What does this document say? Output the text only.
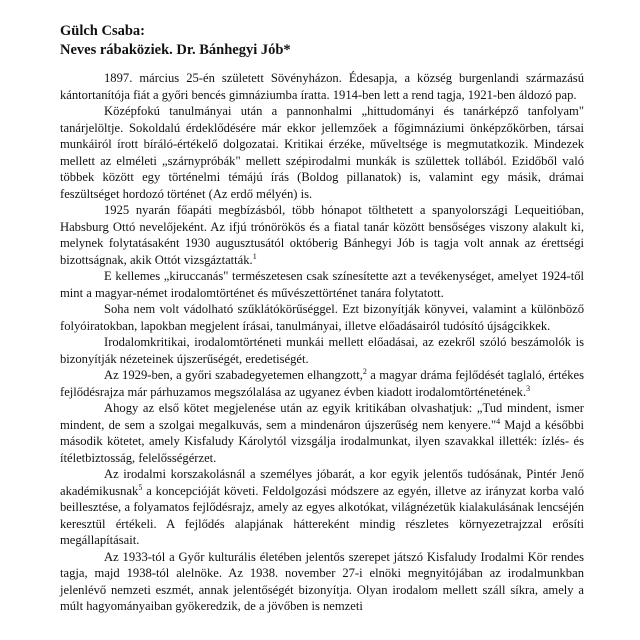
Gülch Csaba:
Neves rábaköziek. Dr. Bánhegyi Jób*

1897. március 25-én született Sövényházon. Édesapja, a község burgenlandi származású kántortanítója fiát a győri bencés gimnáziumba íratta. 1914-ben lett a rend tagja, 1921-ben áldozó pap.

Középfokú tanulmányai után a pannonhalmi „hittudományi és tanárképző tanfolyam" tanárjelöltje. Sokoldalú érdeklődésére már ekkor jellemzőek a főgimnáziumi önképzőkörben, társai munkáiról írott bíráló-értékelő dolgozatai. Kritikai érzéke, műveltsége is megmutatkozik. Mindezek mellett az elméleti „szárnypróbák" mellett szépirodalmi munkák is születtek tollából. Ezidőből való többek között egy történelmi témájú írás (Boldog pillanatok) is, valamint egy másik, drámai feszültséget hordozó történet (Az erdő mélyén) is.

1925 nyarán főapáti megbízásból, több hónapot tölthetett a spanyolországi Lequeitióban, Habsburg Ottó nevelőjeként. Az ifjú trónörökös és a fiatal tanár között bensőséges viszony alakult ki, melynek folytatásaként 1930 augusztusától októberig Bánhegyi Jób is tagja volt annak az érettségi bizottságnak, akik Ottót vizsgáztatták.$^1$

E kellemes „kiruccanás" természetesen csak színesítette azt a tevékenységet, amelyet 1924-től mint a magyar-német irodalomtörténet és művészettörténet tanára folytatott.

Soha nem volt vádolható szűklátókörűséggel. Ezt bizonyítják könyvei, valamint a különböző folyóiratokban, lapokban megjelent írásai, tanulmányai, illetve előadásairól tudósító újságcikkek.

Irodalomkritikai, irodalomtörténeti munkái mellett előadásai, az ezekről szóló beszámolók is bizonyítják nézeteinek újszerűségét, eredetiségét.

Az 1929-ben, a győri szabadegyetemen elhangzott,$^2$ a magyar dráma fejlődését taglaló, értékes fejlődésrajza már párhuzamos megszólalása az ugyanez évben kiadott irodalomtörténetének.$^3$

Ahogy az első kötet megjelenése után az egyik kritikában olvashatjuk: „Tud mindent, ismer mindent, de sem a szolgai megalkuvás, sem a mindenáron újszerűség nem kenyere."$^4$ Majd a későbbi második kötetet, amely Kisfaludy Károlytól vizsgálja irodalmunkat, ilyen szavakkal illették: ízlés- és ítéletbiztosság, felelősségérzet.

Az irodalmi korszakolásnál a személyes jóbarát, a kor egyik jelentős tudósának, Pintér Jenő akadémikusnak$^5$ a koncepcióját követi. Feldolgozási módszere az egyén, illetve az irányzat korba való beillesztése, a folyamatos fejlődésrajz, amely az egyes alkotókat, világnézetük kialakulásának lencséjén keresztül értékeli. A fejlődés alapjának háttereként mindig részletes környezetrajzzal erősíti megállapításait.

Az 1933-tól a Győr kulturális életében jelentős szerepet játszó Kisfaludy Irodalmi Kör rendes tagja, majd 1938-tól alelnöke. Az 1938. november 27-i elnöki megnyitójában az irodalmunkban jelenlévő nemzeti eszmét, annak jelentőségét bizonyítja. Olyan irodalom mellett száll síkra, amely a múlt hagyományaiban gyökeredzik, de a jövőben is nemzeti
